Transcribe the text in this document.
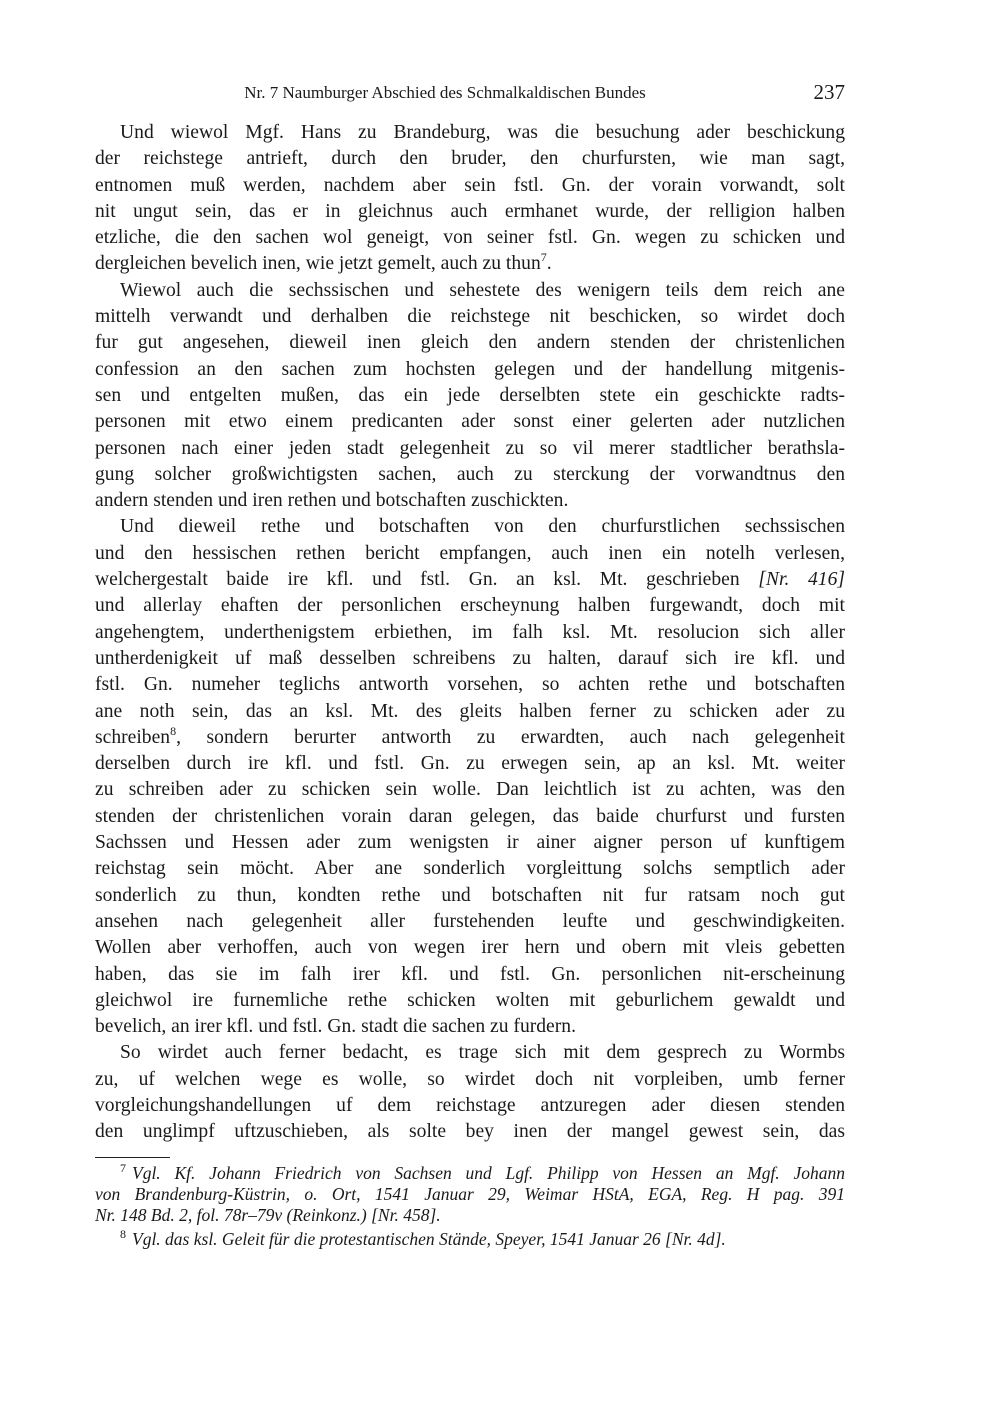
Nr. 7 Naumburger Abschied des Schmalkaldischen Bundes	237
Und wiewol Mgf. Hans zu Brandeburg, was die besuchung ader beschickung
der reichstege antrieft, durch den bruder, den churfursten, wie man sagt,
entnomen muß werden, nachdem aber sein fstl. Gn. der vorain vorwandt, solt
nit ungut sein, das er in gleichnus auch ermhanet wurde, der relligion halben
etzliche, die den sachen wol geneigt, von seiner fstl. Gn. wegen zu schicken und
dergleichen bevelich inen, wie jetzt gemelt, auch zu thun$^7$.
Wiewol auch die sechssischen und sehestete des wenigern teils dem reich ane
mittelh verwandt und derhalben die reichstege nit beschicken, so wirdet doch
fur gut angesehen, dieweil inen gleich den andern stenden der christenlichen
confession an den sachen zum hochsten gelegen und der handellung mitgenis-
sen und entgelten mußen, das ein jede derselbten stete ein geschickte radts-
personen mit etwo einem predicanten ader sonst einer gelerten ader nutzlichen
personen nach einer jeden stadt gelegenheit zu so vil merer stadtlicher berathsla-
gung solcher großwichtigsten sachen, auch zu sterckung der vorwandtnus den
andern stenden und iren rethen und botschaften zuschickten.
Und dieweil rethe und botschaften von den churfurstlichen sechssischen
und den hessischen rethen bericht empfangen, auch inen ein notelh verlesen,
welchergestalt baide ire kfl. und fstl. Gn. an ksl. Mt. geschrieben [Nr. 416]
und allerlay ehaften der personlichen erscheynung halben furgewandt, doch mit
angehengtem, underthenigstem erbiethen, im falh ksl. Mt. resolucion sich aller
untherdenigkeit uf maß desselben schreibens zu halten, darauf sich ire kfl. und
fstl. Gn. numeher teglichs antworth vorsehen, so achten rethe und botschaften
ane noth sein, das an ksl. Mt. des gleits halben ferner zu schicken ader zu
schreiben$^8$, sondern berurter antworth zu erwardten, auch nach gelegenheit
derselben durch ire kfl. und fstl. Gn. zu erwegen sein, ap an ksl. Mt. weiter
zu schreiben ader zu schicken sein wolle. Dan leichtlich ist zu achten, was den
stenden der christenlichen vorain daran gelegen, das baide churfurst und fursten
Sachssen und Hessen ader zum wenigsten ir ainer aigner person uf kunftigem
reichstag sein möcht. Aber ane sonderlich vorgleittung solchs semptlich ader
sonderlich zu thun, kondten rethe und botschaften nit fur ratsam noch gut
ansehen nach gelegenheit aller furstehenden leufte und geschwindigkeiten.
Wollen aber verhoffen, auch von wegen irer hern und obern mit vleis gebetten
haben, das sie im falh irer kfl. und fstl. Gn. personlichen nit-erscheinung
gleichwol ire furnemliche rethe schicken wolten mit geburlichem gewaldt und
bevelich, an irer kfl. und fstl. Gn. stadt die sachen zu furdern.
So wirdet auch ferner bedacht, es trage sich mit dem gesprech zu Wormbs
zu, uf welchen wege es wolle, so wirdet doch nit vorpleiben, umb ferner
vorgleichungshandellungen uf dem reichstage antzuregen ader diesen stenden
den unglimpf uftzuschieben, als solte bey inen der mangel gewest sein, das
$^7$ Vgl. Kf. Johann Friedrich von Sachsen und Lgf. Philipp von Hessen an Mgf. Johann
von Brandenburg-Küstrin, o. Ort, 1541 Januar 29, Weimar HStA, EGA, Reg. H pag. 391
Nr. 148 Bd. 2, fol. 78r–79v (Reinkonz.) [Nr. 458].
$^8$ Vgl. das ksl. Geleit für die protestantischen Stände, Speyer, 1541 Januar 26 [Nr. 4d].
